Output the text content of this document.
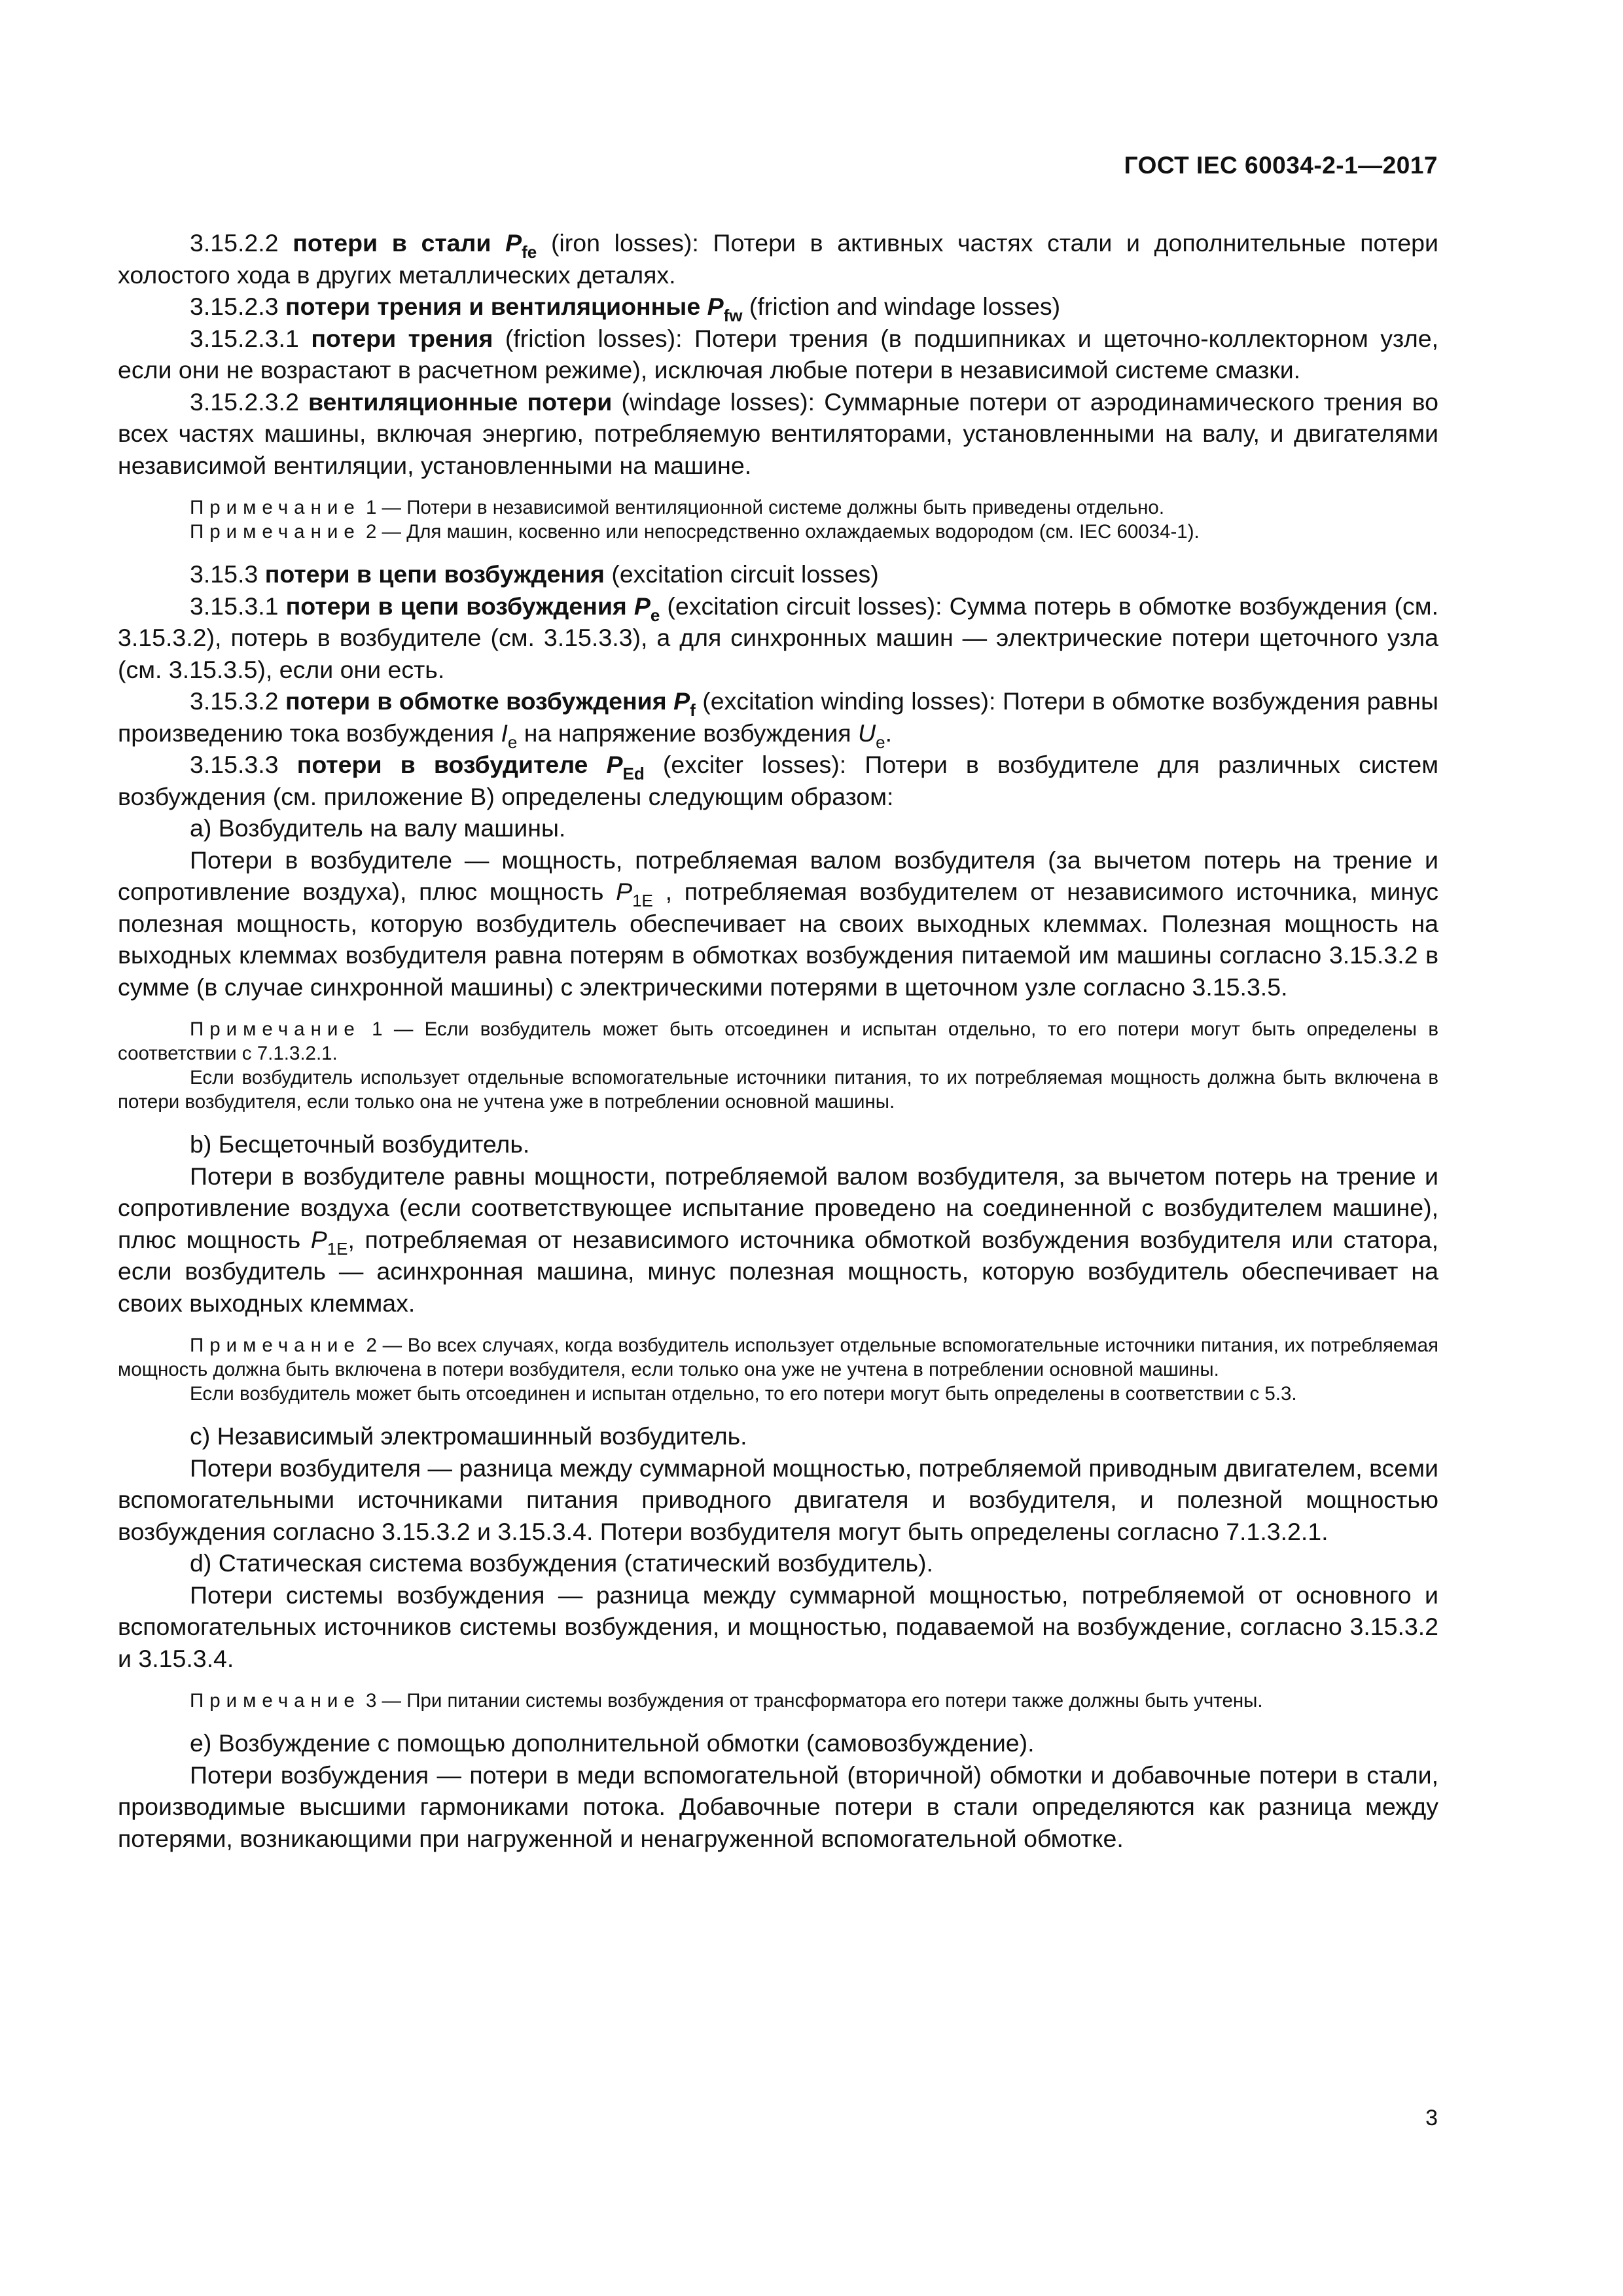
ГОСТ IEC 60034-2-1—2017

3.15.2.2 потери в стали $P_{fe}$ (iron losses): Потери в активных частях стали и дополнительные потери холостого хода в других металлических деталях.

3.15.2.3 потери трения и вентиляционные $P_{fw}$ (friction and windage losses)

3.15.2.3.1 потери трения (friction losses): Потери трения (в подшипниках и щеточно-коллекторном узле, если они не возрастают в расчетном режиме), исключая любые потери в независимой системе смазки.

3.15.2.3.2 вентиляционные потери (windage losses): Суммарные потери от аэродинамического трения во всех частях машины, включая энергию, потребляемую вентиляторами, установленными на валу, и двигателями независимой вентиляции, установленными на машине.

Примечание 1 — Потери в независимой вентиляционной системе должны быть приведены отдельно.

Примечание 2 — Для машин, косвенно или непосредственно охлаждаемых водородом (см. IEC 60034-1).

3.15.3 потери в цепи возбуждения (excitation circuit losses)

3.15.3.1 потери в цепи возбуждения $P_e$ (excitation circuit losses): Сумма потерь в обмотке возбуждения (см. 3.15.3.2), потерь в возбудителе (см. 3.15.3.3), а для синхронных машин — электрические потери щеточного узла (см. 3.15.3.5), если они есть.

3.15.3.2 потери в обмотке возбуждения $P_f$ (excitation winding losses): Потери в обмотке возбуждения равны произведению тока возбуждения $I_e$ на напряжение возбуждения $U_e$.

3.15.3.3 потери в возбудителе $P_{Ed}$ (exciter losses): Потери в возбудителе для различных систем возбуждения (см. приложение В) определены следующим образом:

a) Возбудитель на валу машины.

Потери в возбудителе — мощность, потребляемая валом возбудителя (за вычетом потерь на трение и сопротивление воздуха), плюс мощность $P_{1E}$ , потребляемая возбудителем от независимого источника, минус полезная мощность, которую возбудитель обеспечивает на своих выходных клеммах. Полезная мощность на выходных клеммах возбудителя равна потерям в обмотках возбуждения питаемой им машины согласно 3.15.3.2 в сумме (в случае синхронной машины) с электрическими потерями в щеточном узле согласно 3.15.3.5.

Примечание 1 — Если возбудитель может быть отсоединен и испытан отдельно, то его потери могут быть определены в соответствии с 7.1.3.2.1.

Если возбудитель использует отдельные вспомогательные источники питания, то их потребляемая мощность должна быть включена в потери возбудителя, если только она не учтена уже в потреблении основной машины.

b) Бесщеточный возбудитель.

Потери в возбудителе равны мощности, потребляемой валом возбудителя, за вычетом потерь на трение и сопротивление воздуха (если соответствующее испытание проведено на соединенной с возбудителем машине), плюс мощность $P_{1E}$, потребляемая от независимого источника обмоткой возбуждения возбудителя или статора, если возбудитель — асинхронная машина, минус полезная мощность, которую возбудитель обеспечивает на своих выходных клеммах.

Примечание 2 — Во всех случаях, когда возбудитель использует отдельные вспомогательные источники питания, их потребляемая мощность должна быть включена в потери возбудителя, если только она уже не учтена в потреблении основной машины.

Если возбудитель может быть отсоединен и испытан отдельно, то его потери могут быть определены в соответствии с 5.3.

c) Независимый электромашинный возбудитель.

Потери возбудителя — разница между суммарной мощностью, потребляемой приводным двигателем, всеми вспомогательными источниками питания приводного двигателя и возбудителя, и полезной мощностью возбуждения согласно 3.15.3.2 и 3.15.3.4. Потери возбудителя могут быть определены согласно 7.1.3.2.1.

d) Статическая система возбуждения (статический возбудитель).

Потери системы возбуждения — разница между суммарной мощностью, потребляемой от основного и вспомогательных источников системы возбуждения, и мощностью, подаваемой на возбуждение, согласно 3.15.3.2 и 3.15.3.4.

Примечание 3 — При питании системы возбуждения от трансформатора его потери также должны быть учтены.

e) Возбуждение с помощью дополнительной обмотки (самовозбуждение).

Потери возбуждения — потери в меди вспомогательной (вторичной) обмотки и добавочные потери в стали, производимые высшими гармониками потока. Добавочные потери в стали определяются как разница между потерями, возникающими при нагруженной и ненагруженной вспомогательной обмотке.

3
